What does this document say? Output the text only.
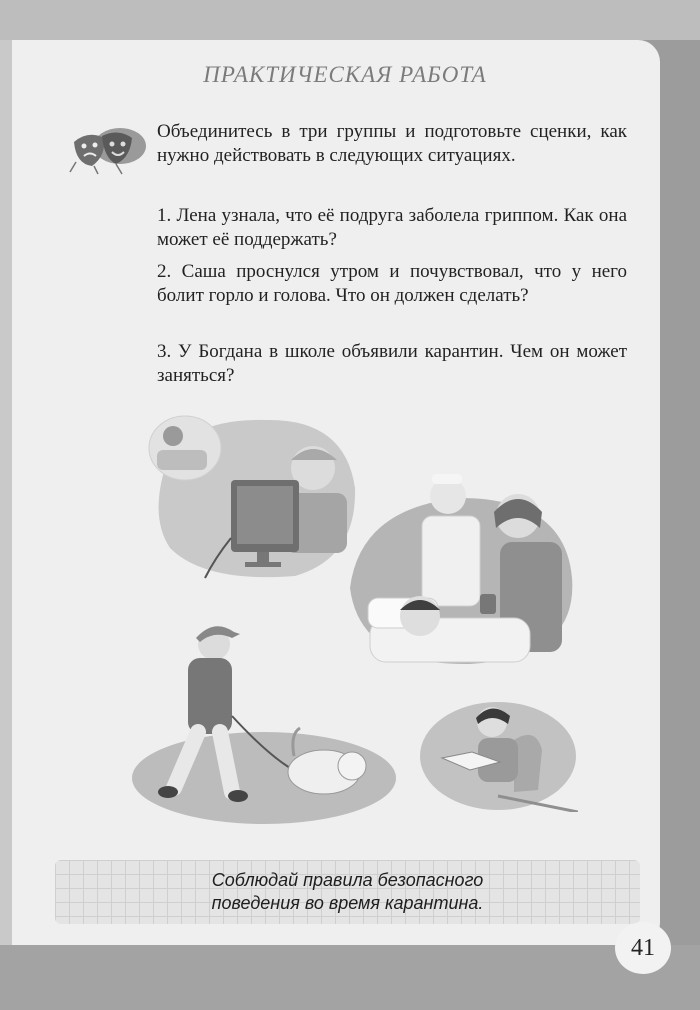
ПРАКТИЧЕСКАЯ РАБОТА
Объединитесь в три группы и подготовьте сценки, как нужно действовать в следующих ситуациях.
1. Лена узнала, что её подруга заболела гриппом. Как она может её поддержать?
2. Саша проснулся утром и почувствовал, что у него болит горло и голова. Что он должен сделать?
3. У Богдана в школе объявили карантин. Чем он может заняться?
Соблюдай правила безопасного
поведения во время карантина.
41
